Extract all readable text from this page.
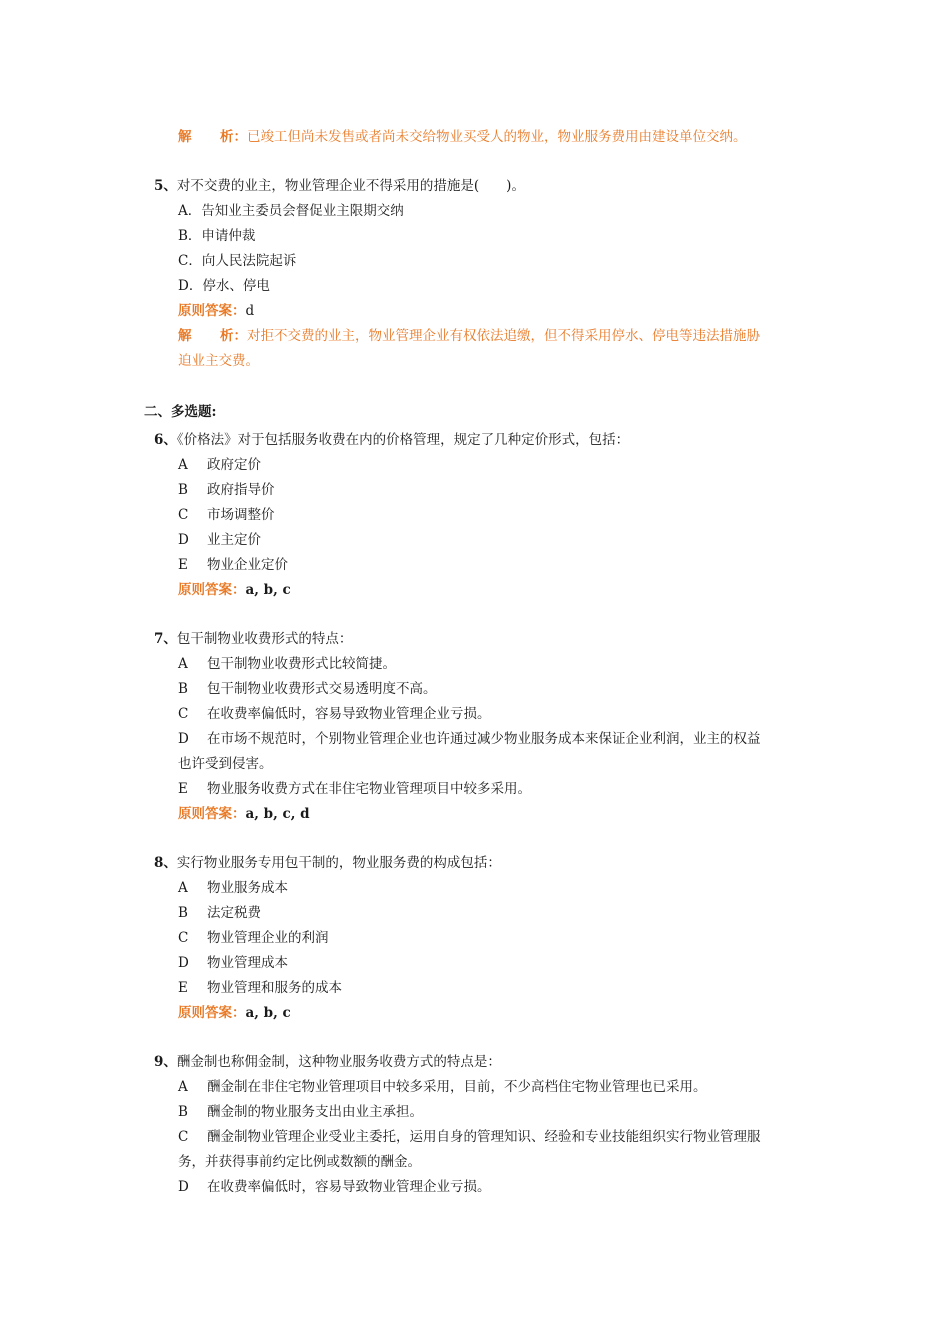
解 析：已竣工但尚未发售或者尚未交给物业买受人的物业，物业服务费用由建设单位交纳。
5、对不交费的业主，物业管理企业不得采用的措施是(　　)。
A．告知业主委员会督促业主限期交纳
B．申请仲裁
C．向人民法院起诉
D．停水、停电
原则答案：d
解 析：对拒不交费的业主，物业管理企业有权依法追缴，但不得采用停水、停电等违法措施胁
迫业主交费。
二、多选题:
6、《价格法》对于包括服务收费在内的价格管理，规定了几种定价形式，包括：
A 政府定价
B 政府指导价
C 市场调整价
D 业主定价
E 物业企业定价
原则答案：a, b, c
7、包干制物业收费形式的特点：
A 包干制物业收费形式比较简捷。
B 包干制物业收费形式交易透明度不高。
C 在收费率偏低时，容易导致物业管理企业亏损。
D 在市场不规范时，个别物业管理企业也许通过减少物业服务成本来保证企业利润，业主的权益
也许受到侵害。
E 物业服务收费方式在非住宅物业管理项目中较多采用。
原则答案：a, b, c, d
8、实行物业服务专用包干制的，物业服务费的构成包括：
A 物业服务成本
B 法定税费
C 物业管理企业的利润
D 物业管理成本
E 物业管理和服务的成本
原则答案：a, b, c
9、酬金制也称佣金制，这种物业服务收费方式的特点是：
A 酬金制在非住宅物业管理项目中较多采用，目前，不少高档住宅物业管理也已采用。
B 酬金制的物业服务支出由业主承担。
C 酬金制物业管理企业受业主委托，运用自身的管理知识、经验和专业技能组织实行物业管理服
务，并获得事前约定比例或数额的酬金。
D 在收费率偏低时，容易导致物业管理企业亏损。
